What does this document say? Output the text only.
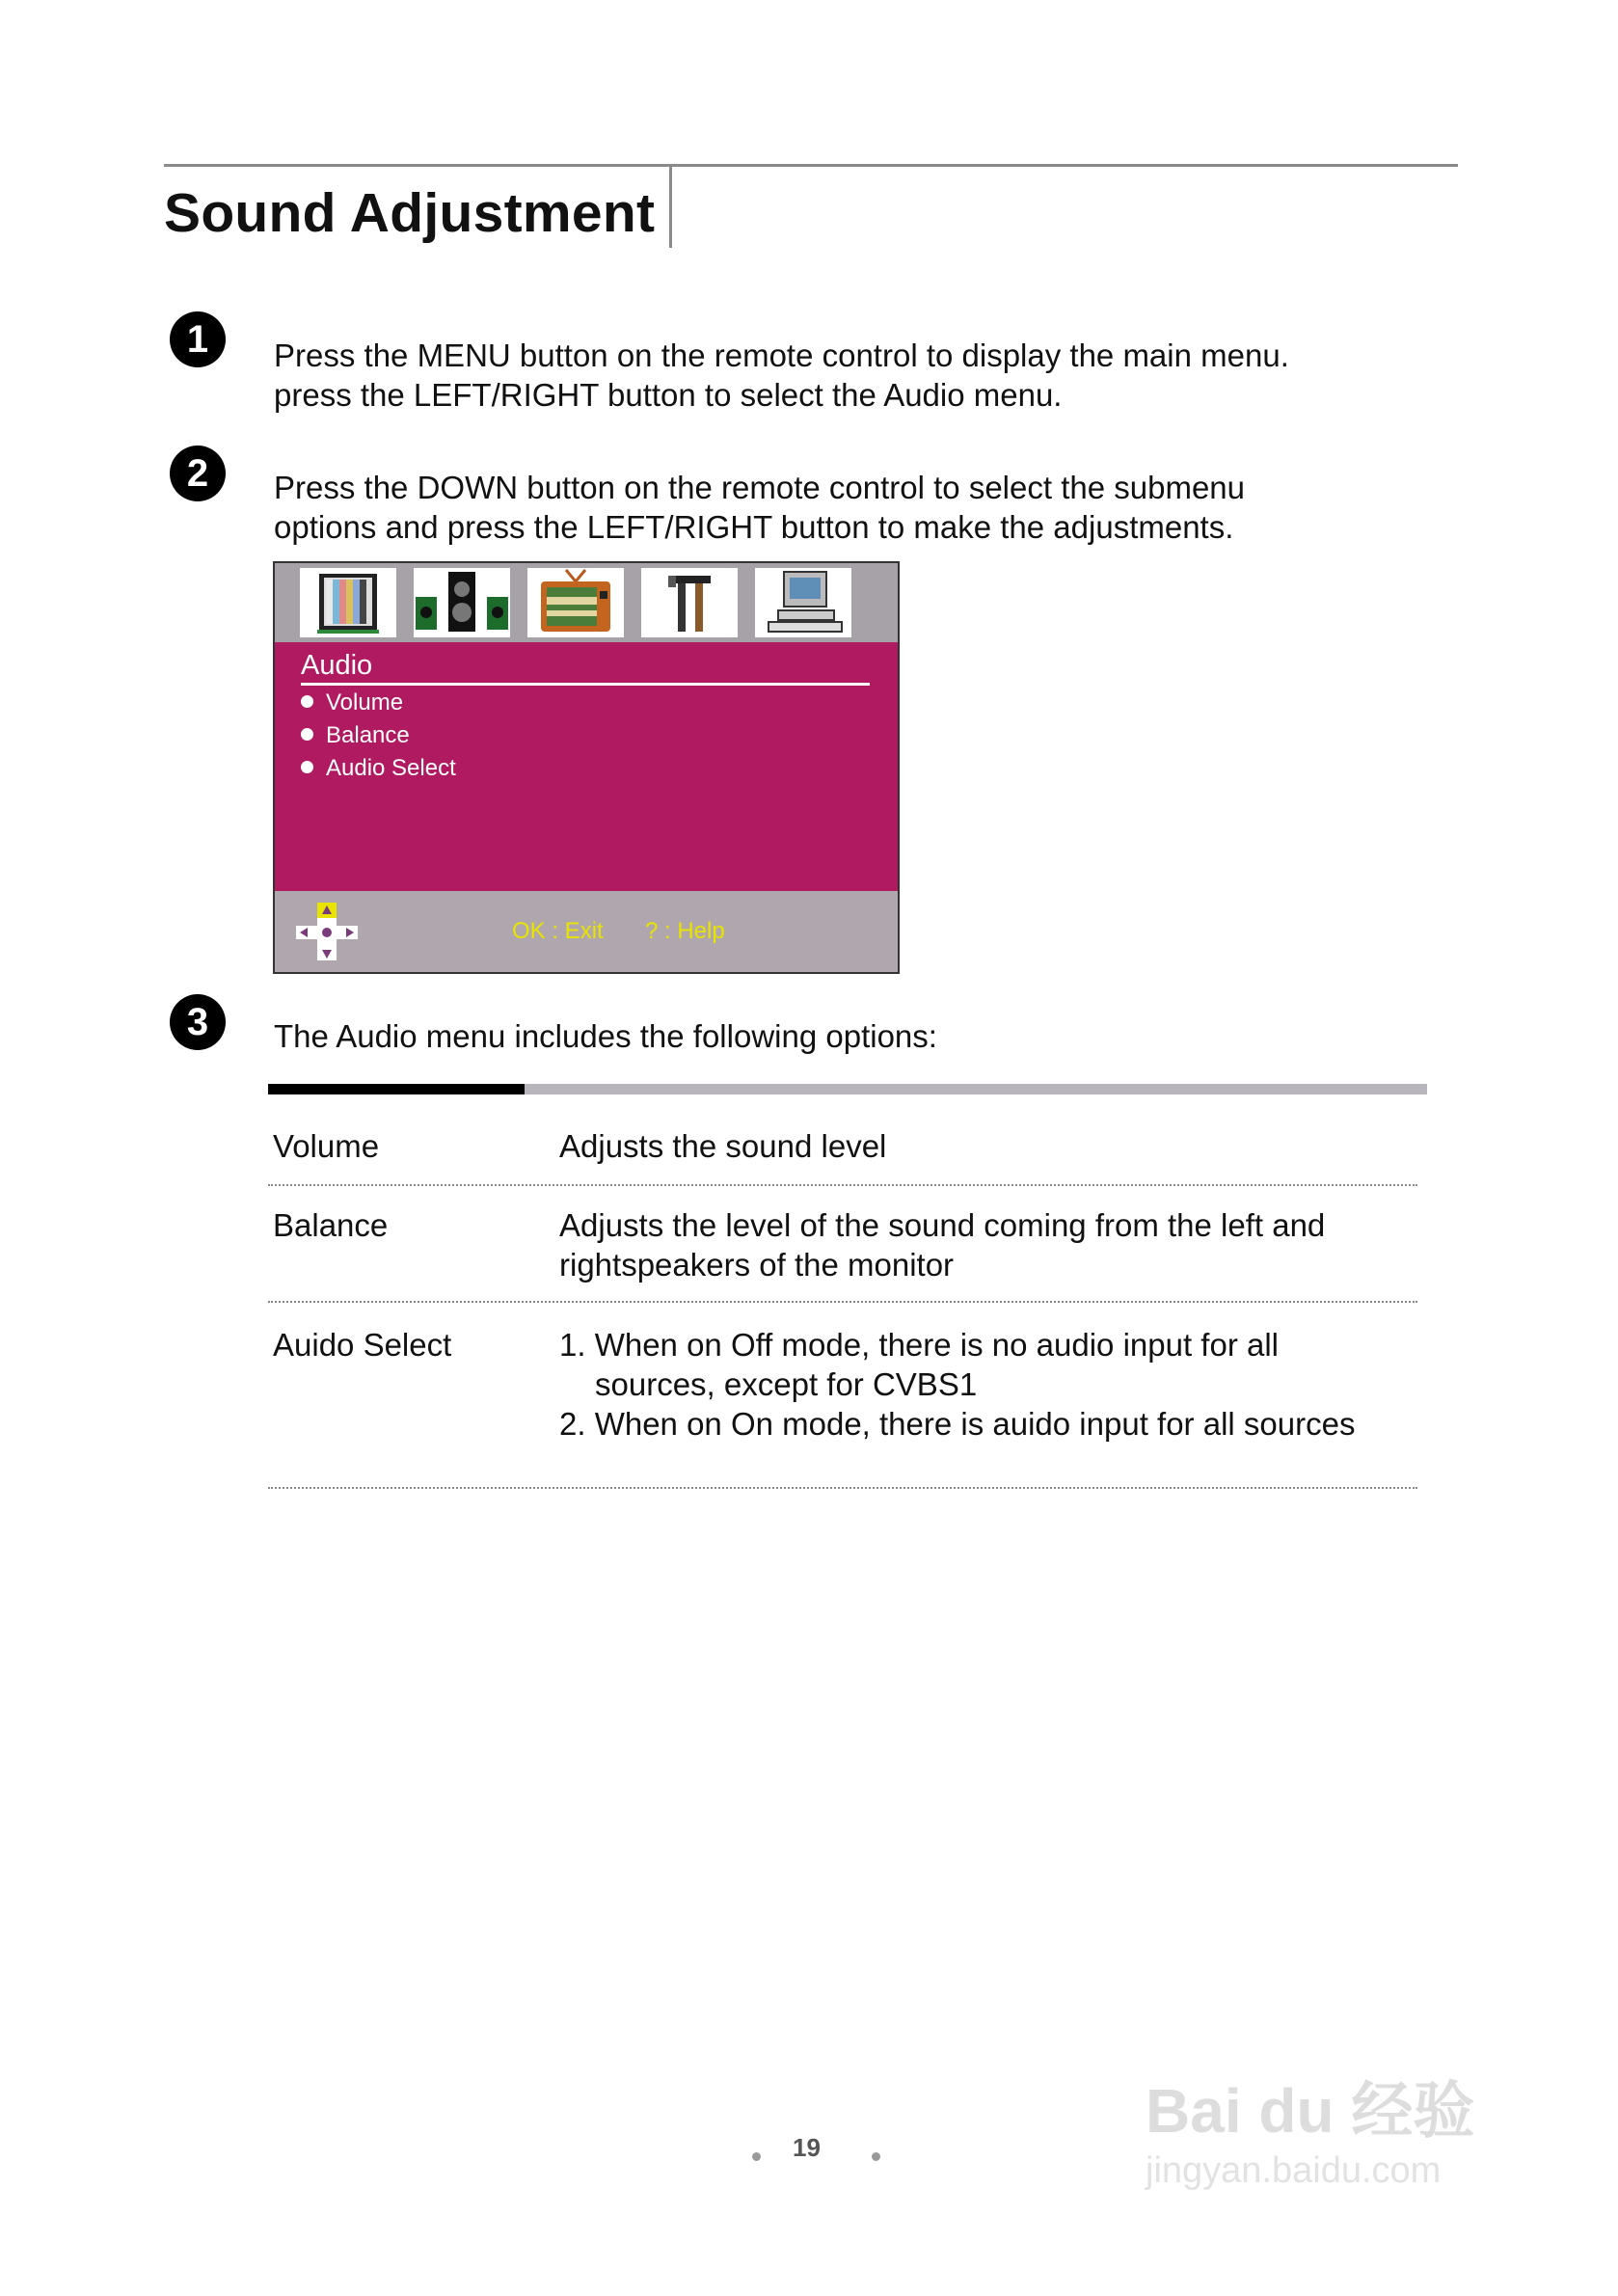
Sound Adjustment
1	Press the MENU button on the remote control to display the main menu.
press the LEFT/RIGHT button to select the Audio menu.
2	Press the DOWN button on the remote control to select the submenu
options and press the LEFT/RIGHT button to make the adjustments.
Audio
Volume
Balance
Audio Select
OK : Exit ? : Help
3	The Audio menu includes the following options:
Volume	Adjusts the sound level
Balance	Adjusts the level of the sound coming from the left and
rightspeakers of the monitor
Auido Select	1. When on Off mode, there is no audio input for all
sources, except for CVBS1
2. When on On mode, there is auido input for all sources
19
Bai du 经验
jingyan.baidu.com
